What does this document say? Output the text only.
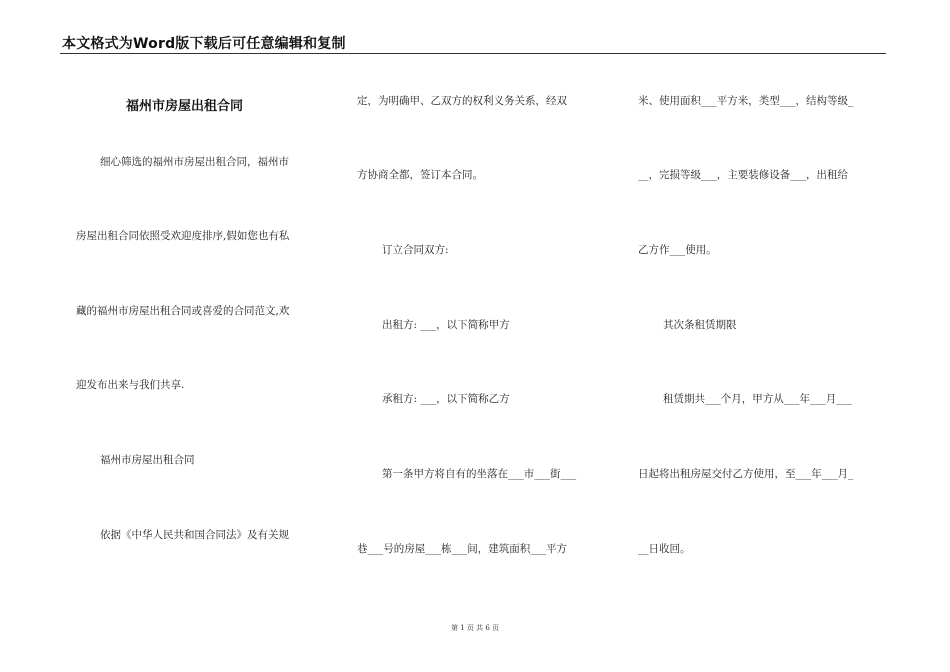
本文格式为Word版下载后可任意编辑和复制
福州市房屋出租合同
细心筛选的福州市房屋出租合同，福州市
房屋出租合同依照受欢迎度排序,假如您也有私
藏的福州市房屋出租合同或喜爱的合同范文,欢
迎发布出来与我们共享.
福州市房屋出租合同
依据《中华人民共和国合同法》及有关规
定，为明确甲、乙双方的权利义务关系，经双
方协商全都，签订本合同。
订立合同双方:
出租方: ___，以下简称甲方
承租方: ___，以下简称乙方
第一条甲方将自有的坐落在___市___街___
巷___号的房屋___栋___间，建筑面积___平方
米、使用面积___平方米，类型___，结构等级_
__，完损等级___，主要装修设备___，出租给
乙方作___使用。
其次条租赁期限
租赁期共___个月，甲方从___年___月___
日起将出租房屋交付乙方使用，至___年___月_
__日收回。
第 1 页 共 6 页
